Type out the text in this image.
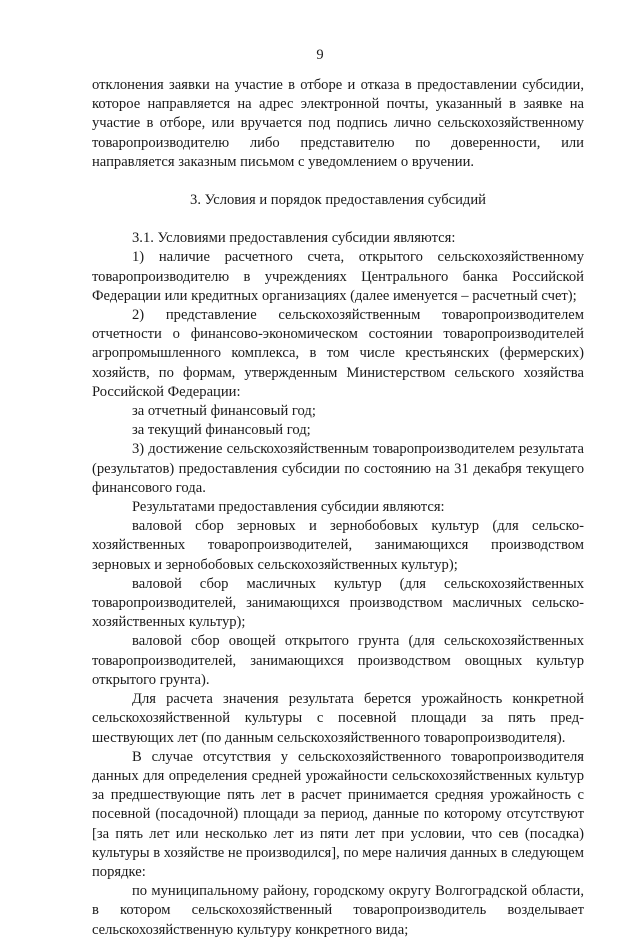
9

отклонения заявки на участие в отборе и отказа в предоставлении субсидии, которое направляется на адрес электронной почты, указанный в заявке на участие в отборе, или вручается под подпись лично сельскохозяйственному товаропроизводителю либо представителю по доверенности, или направляется заказным письмом с уведомлением о вручении.

3. Условия и порядок предоставления субсидий

3.1. Условиями предоставления субсидии являются:

1) наличие расчетного счета, открытого сельскохозяйственному товаропроизводителю в учреждениях Центрального банка Российской Федерации или кредитных организациях (далее именуется – расчетный счет);

2) представление сельскохозяйственным товаропроизводителем отчетности о финансово-экономическом состоянии товаропроизводителей агропромышленного комплекса, в том числе крестьянских (фермерских) хозяйств, по формам, утвержденным Министерством сельского хозяйства Российской Федерации:

за отчетный финансовый год;

за текущий финансовый год;

3) достижение сельскохозяйственным товаропроизводителем результата (результатов) предоставления субсидии по состоянию на 31 декабря текущего финансового года.

Результатами предоставления субсидии являются:

валовой сбор зерновых и зернобобовых культур (для сельско-хозяйственных товаропроизводителей, занимающихся производством зерновых и зернобобовых сельскохозяйственных культур);

валовой сбор масличных культур (для сельскохозяйственных товаропроизводителей, занимающихся производством масличных сельско-хозяйственных культур);

валовой сбор овощей открытого грунта (для сельскохозяйственных товаропроизводителей, занимающихся производством овощных культур открытого грунта).

Для расчета значения результата берется урожайность конкретной сельскохозяйственной культуры с посевной площади за пять пред-шествующих лет (по данным сельскохозяйственного товаропроизводителя).

В случае отсутствия у сельскохозяйственного товаропроизводителя данных для определения средней урожайности сельскохозяйственных культур за предшествующие пять лет в расчет принимается средняя урожайность с посевной (посадочной) площади за период, данные по которому отсутствуют [за пять лет или несколько лет из пяти лет при условии, что сев (посадка) культуры в хозяйстве не производился], по мере наличия данных в следующем порядке:

по муниципальному району, городскому округу Волгоградской области, в котором сельскохозяйственный товаропроизводитель возделывает сельскохозяйственную культуру конкретного вида;
